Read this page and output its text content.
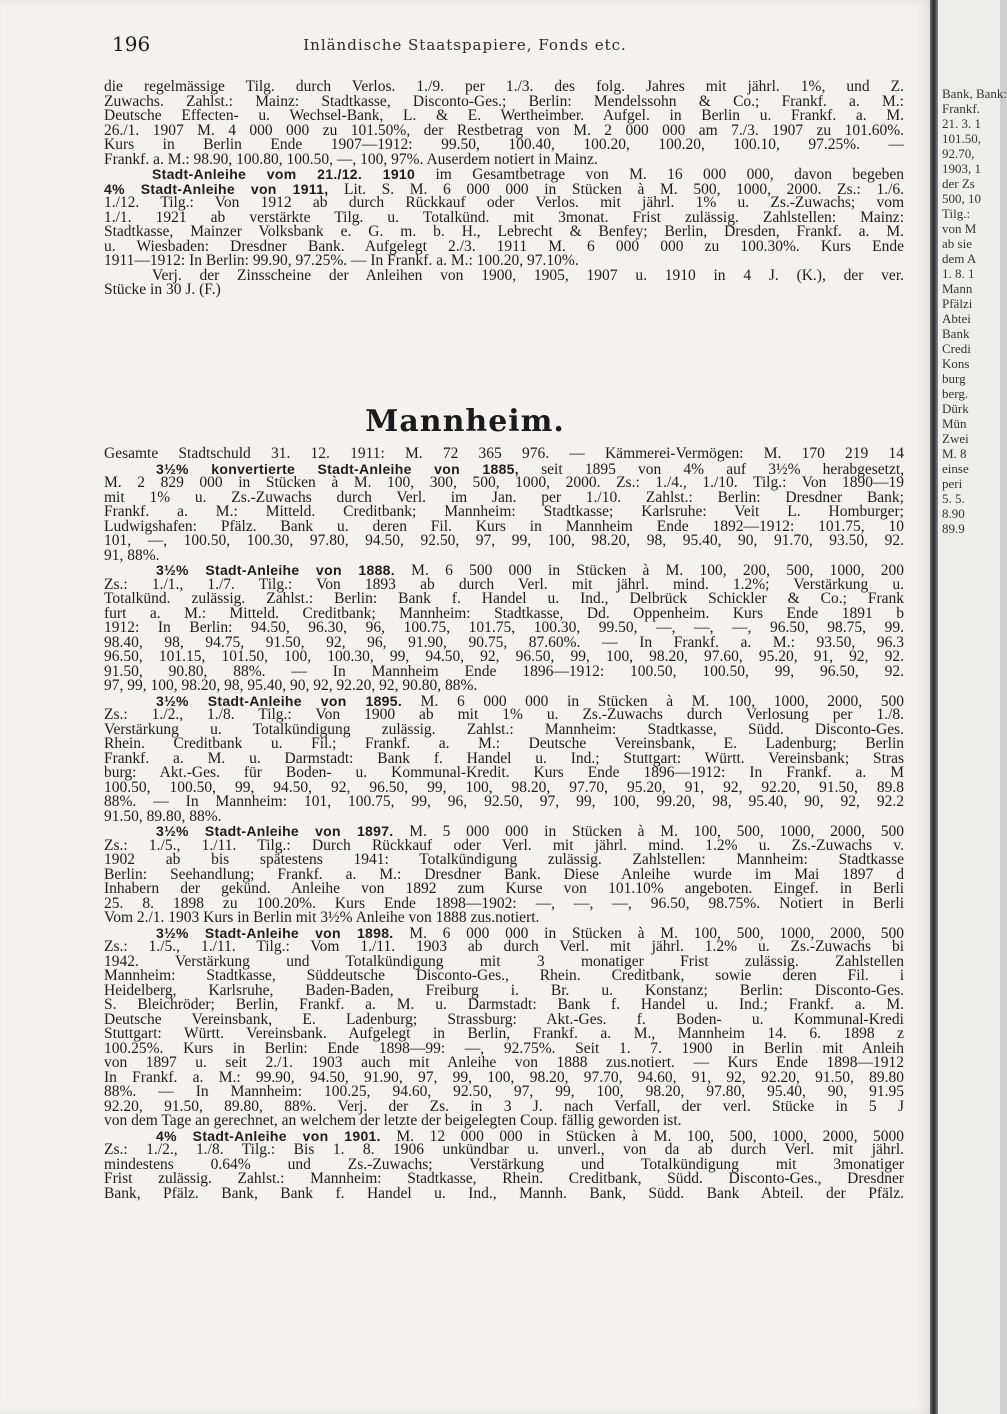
196	Inländische Staatspapiere, Fonds etc.
die regelmässige Tilg. durch Verlos. 1./9. per 1./3. des folg. Jahres mit jährl. 1%, und Z.
Zuwachs. Zahlst.: Mainz: Stadtkasse, Disconto-Ges.; Berlin: Mendelssohn & Co.; Frankf. a. M.:
Deutsche Effecten- u. Wechsel-Bank, L. & E. Wertheimber. Aufgel. in Berlin u. Frankf. a. M.
26./1. 1907 M. 4 000 000 zu 101.50%, der Restbetrag von M. 2 000 000 am 7./3. 1907 zu 101.60%.
Kurs in Berlin Ende 1907—1912: 99.50, 100.40, 100.20, 100.20, 100.10, 97.25%. —
Frankf. a. M.: 98.90, 100.80, 100.50, —, 100, 97%. Auserdem notiert in Mainz.
Stadt-Anleihe vom 21./12. 1910 im Gesamtbetrage von M. 16 000 000, davon begeben
4% Stadt-Anleihe von 1911, Lit. S. M. 6 000 000 in Stücken à M. 500, 1000, 2000. Zs.: 1./6.
1./12. Tilg.: Von 1912 ab durch Rückkauf oder Verlos. mit jährl. 1% u. Zs.-Zuwachs; vom
1./1. 1921 ab verstärkte Tilg. u. Totalkünd. mit 3monat. Frist zulässig. Zahlstellen: Mainz:
Stadtkasse, Mainzer Volksbank e. G. m. b. H., Lebrecht & Benfey; Berlin, Dresden, Frankf. a. M.
u. Wiesbaden: Dresdner Bank. Aufgelegt 2./3. 1911 M. 6 000 000 zu 100.30%. Kurs Ende
1911—1912: In Berlin: 99.90, 97.25%. — In Frankf. a. M.: 100.20, 97.10%.
Verj. der Zinsscheine der Anleihen von 1900, 1905, 1907 u. 1910 in 4 J. (K.), der ver.
Stücke in 30 J. (F.)
Mannheim.
Gesamte Stadtschuld 31. 12. 1911: M. 72 365 976. — Kämmerei-Vermögen: M. 170 219 14
3½% konvertierte Stadt-Anleihe von 1885, seit 1895 von 4% auf 3½% herabgesetzt,
M. 2 829 000 in Stücken à M. 100, 300, 500, 1000, 2000. Zs.: 1./4., 1./10. Tilg.: Von 1890—19
mit 1% u. Zs.-Zuwachs durch Verl. im Jan. per 1./10. Zahlst.: Berlin: Dresdner Bank;
Frankf. a. M.: Mitteld. Creditbank; Mannheim: Stadtkasse; Karlsruhe: Veit L. Homburger;
Ludwigshafen: Pfälz. Bank u. deren Fil. Kurs in Mannheim Ende 1892—1912: 101.75, 10
101, —, 100.50, 100.30, 97.80, 94.50, 92.50, 97, 99, 100, 98.20, 98, 95.40, 90, 91.70, 93.50, 92.
91, 88%.
3½% Stadt-Anleihe von 1888. M. 6 500 000 in Stücken à M. 100, 200, 500, 1000, 200
Zs.: 1./1., 1./7. Tilg.: Von 1893 ab durch Verl. mit jährl. mind. 1.2%; Verstärkung u.
Totalkünd. zulässig. Zahlst.: Berlin: Bank f. Handel u. Ind., Delbrück Schickler & Co.; Frank
furt a. M.: Mitteld. Creditbank; Mannheim: Stadtkasse, Dd. Oppenheim. Kurs Ende 1891 b
1912: In Berlin: 94.50, 96.30, 96, 100.75, 101.75, 100.30, 99.50, —, —, —, 96.50, 98.75, 99.
98.40, 98, 94.75, 91.50, 92, 96, 91.90, 90.75, 87.60%. — In Frankf. a. M.: 93.50, 96.3
96.50, 101.15, 101.50, 100, 100.30, 99, 94.50, 92, 96.50, 99, 100, 98.20, 97.60, 95.20, 91, 92, 92.
91.50, 90.80, 88%. — In Mannheim Ende 1896—1912: 100.50, 100.50, 99, 96.50, 92.
97, 99, 100, 98.20, 98, 95.40, 90, 92, 92.20, 92, 90.80, 88%.
3½% Stadt-Anleihe von 1895. M. 6 000 000 in Stücken à M. 100, 1000, 2000, 500
Zs.: 1./2., 1./8. Tilg.: Von 1900 ab mit 1% u. Zs.-Zuwachs durch Verlosung per 1./8.
Verstärkung u. Totalkündigung zulässig. Zahlst.: Mannheim: Stadtkasse, Südd. Disconto-Ges.
Rhein. Creditbank u. Fil.; Frankf. a. M.: Deutsche Vereinsbank, E. Ladenburg; Berlin
Frankf. a. M. u. Darmstadt: Bank f. Handel u. Ind.; Stuttgart: Württ. Vereinsbank; Stras
burg: Akt.-Ges. für Boden- u. Kommunal-Kredit. Kurs Ende 1896—1912: In Frankf. a. M
100.50, 100.50, 99, 94.50, 92, 96.50, 99, 100, 98.20, 97.70, 95.20, 91, 92, 92.20, 91.50, 89.8
88%. — In Mannheim: 101, 100.75, 99, 96, 92.50, 97, 99, 100, 99.20, 98, 95.40, 90, 92, 92.2
91.50, 89.80, 88%.
3½% Stadt-Anleihe von 1897. M. 5 000 000 in Stücken à M. 100, 500, 1000, 2000, 500
Zs.: 1./5., 1./11. Tilg.: Durch Rückkauf oder Verl. mit jährl. mind. 1.2% u. Zs.-Zuwachs v.
1902 ab bis spätestens 1941: Totalkündigung zulässig. Zahlstellen: Mannheim: Stadtkasse
Berlin: Seehandlung; Frankf. a. M.: Dresdner Bank. Diese Anleihe wurde im Mai 1897 d
Inhabern der gekünd. Anleihe von 1892 zum Kurse von 101.10% angeboten. Eingef. in Berli
25. 8. 1898 zu 100.20%. Kurs Ende 1898—1902: —, —, —, 96.50, 98.75%. Notiert in Berli
Vom 2./1. 1903 Kurs in Berlin mit 3½% Anleihe von 1888 zus.notiert.
3½% Stadt-Anleihe von 1898. M. 6 000 000 in Stücken à M. 100, 500, 1000, 2000, 500
Zs.: 1./5., 1./11. Tilg.: Vom 1./11. 1903 ab durch Verl. mit jährl. 1.2% u. Zs.-Zuwachs bi
1942. Verstärkung und Totalkündigung mit 3 monatiger Frist zulässig. Zahlstellen
Mannheim: Stadtkasse, Süddeutsche Disconto-Ges., Rhein. Creditbank, sowie deren Fil. i
Heidelberg, Karlsruhe, Baden-Baden, Freiburg i. Br. u. Konstanz; Berlin: Disconto-Ges.
S. Bleichröder; Berlin, Frankf. a. M. u. Darmstadt: Bank f. Handel u. Ind.; Frankf. a. M.
Deutsche Vereinsbank, E. Ladenburg; Strassburg: Akt.-Ges. f. Boden- u. Kommunal-Kredi
Stuttgart: Württ. Vereinsbank. Aufgelegt in Berlin, Frankf. a. M., Mannheim 14. 6. 1898 z
100.25%. Kurs in Berlin: Ende 1898—99: —, 92.75%. Seit 1. 7. 1900 in Berlin mit Anleih
von 1897 u. seit 2./1. 1903 auch mit Anleihe von 1888 zus.notiert. — Kurs Ende 1898—1912
In Frankf. a. M.: 99.90, 94.50, 91.90, 97, 99, 100, 98.20, 97.70, 94.60, 91, 92, 92.20, 91.50, 89.80
88%. — In Mannheim: 100.25, 94.60, 92.50, 97, 99, 100, 98.20, 97.80, 95.40, 90, 91.95
92.20, 91.50, 89.80, 88%. Verj. der Zs. in 3 J. nach Verfall, der verl. Stücke in 5 J
von dem Tage an gerechnet, an welchem der letzte der beigelegten Coup. fällig geworden ist.
4% Stadt-Anleihe von 1901. M. 12 000 000 in Stücken à M. 100, 500, 1000, 2000, 5000
Zs.: 1./2., 1./8. Tilg.: Bis 1. 8. 1906 unkündbar u. unverl., von da ab durch Verl. mit jährl.
mindestens 0.64% und Zs.-Zuwachs; Verstärkung und Totalkündigung mit 3monatiger
Frist zulässig. Zahlst.: Mannheim: Stadtkasse, Rhein. Creditbank, Südd. Disconto-Ges., Dresdner
Bank, Pfälz. Bank, Bank f. Handel u. Ind., Mannh. Bank, Südd. Bank Abteil. der Pfälz.
Bank, Bank:
Frankf.
21. 3. 1
101.50,
92.70,
1903, 1
der Zs
500, 10
Tilg.:
von M
ab sie
dem A
1. 8. 1
Mann
Pfälzi
Abtei
Bank
Credi
Kons
burg
berg.
Dürk
Mün
Zwei
M. 8
einse
peri
5. 5.
8.90
89.9
